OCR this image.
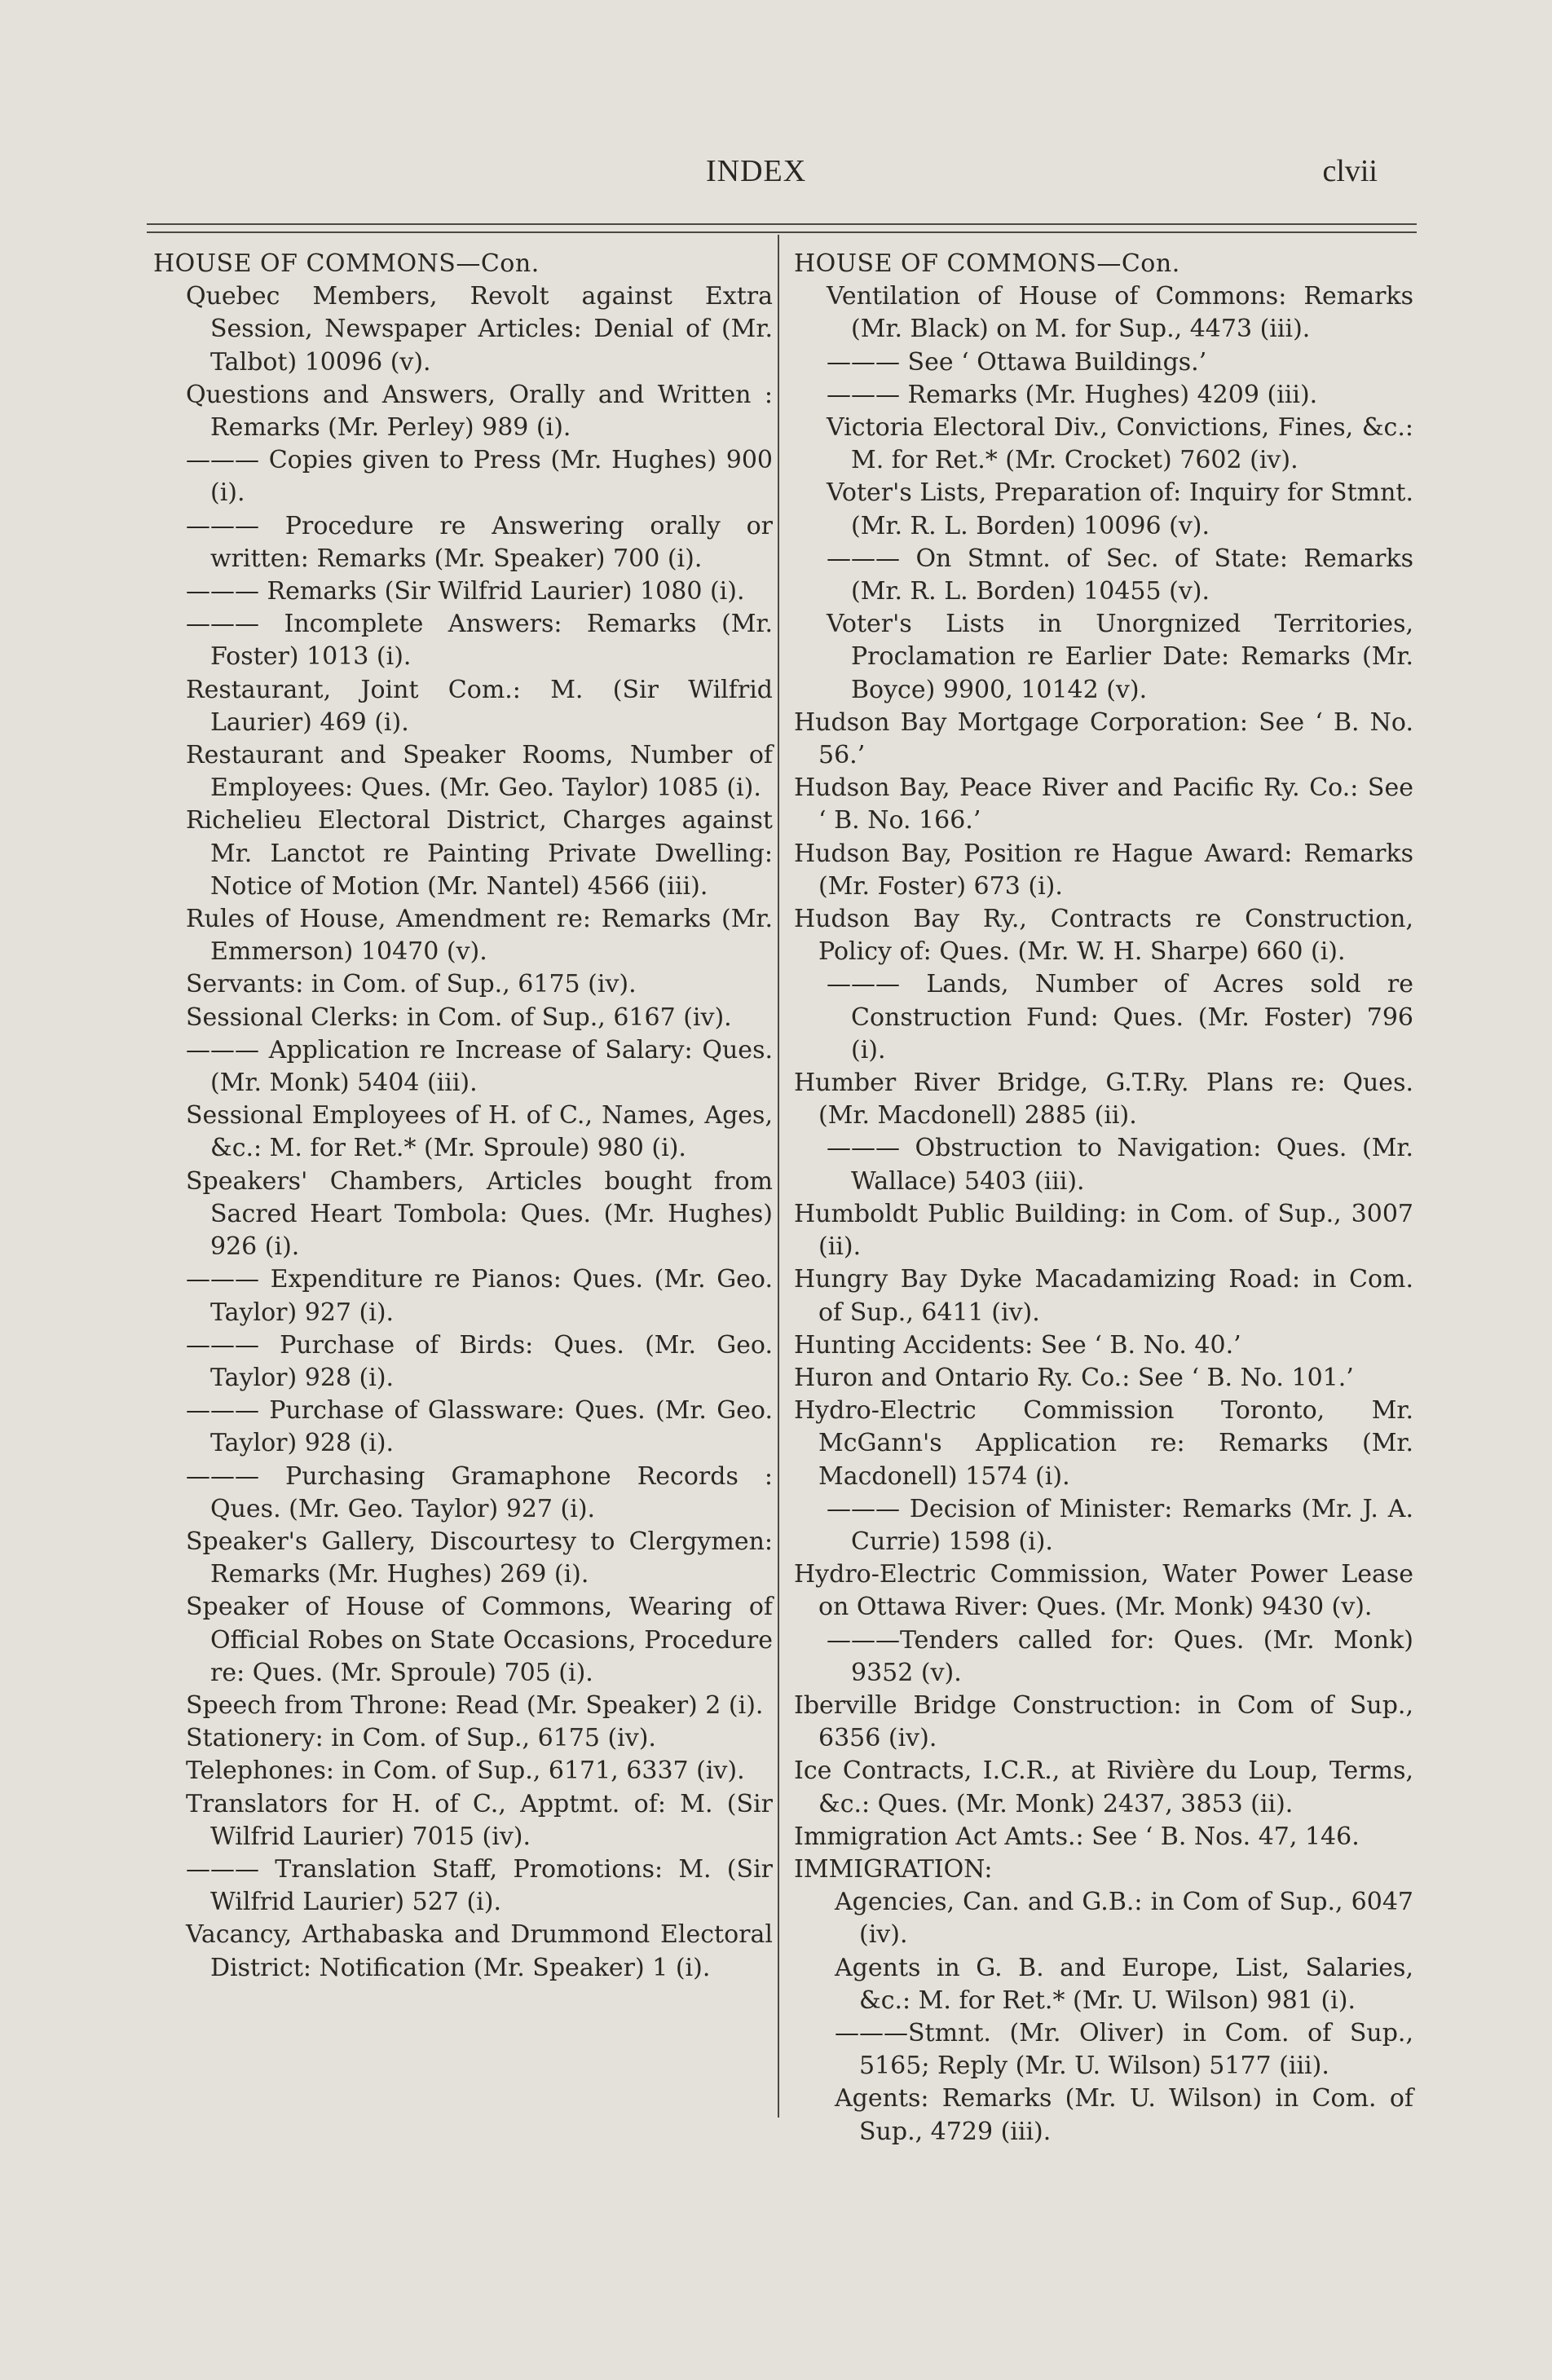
INDEX	clvii
HOUSE OF COMMONS—Con.
Quebec Members, Revolt against Extra Session, Newspaper Articles: Denial of (Mr. Talbot) 10096 (v).
Questions and Answers, Orally and Written : Remarks (Mr. Perley) 989 (i).
——— Copies given to Press (Mr. Hughes) 900 (i).
——— Procedure re Answering orally or written: Remarks (Mr. Speaker) 700 (i).
——— Remarks (Sir Wilfrid Laurier) 1080 (i).
——— Incomplete Answers: Remarks (Mr. Foster) 1013 (i).
Restaurant, Joint Com.: M. (Sir Wilfrid Laurier) 469 (i).
Restaurant and Speaker Rooms, Number of Employees: Ques. (Mr. Geo. Taylor) 1085 (i).
Richelieu Electoral District, Charges against Mr. Lanctot re Painting Private Dwelling: Notice of Motion (Mr. Nantel) 4566 (iii).
Rules of House, Amendment re: Remarks (Mr. Emmerson) 10470 (v).
Servants: in Com. of Sup., 6175 (iv).
Sessional Clerks: in Com. of Sup., 6167 (iv).
——— Application re Increase of Salary: Ques. (Mr. Monk) 5404 (iii).
Sessional Employees of H. of C., Names, Ages, &c.: M. for Ret.* (Mr. Sproule) 980 (i).
Speakers' Chambers, Articles bought from Sacred Heart Tombola: Ques. (Mr. Hughes) 926 (i).
——— Expenditure re Pianos: Ques. (Mr. Geo. Taylor) 927 (i).
——— Purchase of Birds: Ques. (Mr. Geo. Taylor) 928 (i).
——— Purchase of Glassware: Ques. (Mr. Geo. Taylor) 928 (i).
——— Purchasing Gramaphone Records : Ques. (Mr. Geo. Taylor) 927 (i).
Speaker's Gallery, Discourtesy to Clergymen: Remarks (Mr. Hughes) 269 (i).
Speaker of House of Commons, Wearing of Official Robes on State Occasions, Procedure re: Ques. (Mr. Sproule) 705 (i).
Speech from Throne: Read (Mr. Speaker) 2 (i).
Stationery: in Com. of Sup., 6175 (iv).
Telephones: in Com. of Sup., 6171, 6337 (iv).
Translators for H. of C., Apptmt. of: M. (Sir Wilfrid Laurier) 7015 (iv).
——— Translation Staff, Promotions: M. (Sir Wilfrid Laurier) 527 (i).
Vacancy, Arthabaska and Drummond Electoral District: Notification (Mr. Speaker) 1 (i).
HOUSE OF COMMONS—Con.
Ventilation of House of Commons: Remarks (Mr. Black) on M. for Sup., 4473 (iii).
——— See ‘ Ottawa Buildings.’
——— Remarks (Mr. Hughes) 4209 (iii).
Victoria Electoral Div., Convictions, Fines, &c.: M. for Ret.* (Mr. Crocket) 7602 (iv).
Voter's Lists, Preparation of: Inquiry for Stmnt. (Mr. R. L. Borden) 10096 (v).
——— On Stmnt. of Sec. of State: Remarks (Mr. R. L. Borden) 10455 (v).
Voter's Lists in Unorgnized Territories, Proclamation re Earlier Date: Remarks (Mr. Boyce) 9900, 10142 (v).
Hudson Bay Mortgage Corporation: See ‘ B. No. 56.’
Hudson Bay, Peace River and Pacific Ry. Co.: See ‘ B. No. 166.’
Hudson Bay, Position re Hague Award: Remarks (Mr. Foster) 673 (i).
Hudson Bay Ry., Contracts re Construction, Policy of: Ques. (Mr. W. H. Sharpe) 660 (i).
——— Lands, Number of Acres sold re Construction Fund: Ques. (Mr. Foster) 796 (i).
Humber River Bridge, G.T.Ry. Plans re: Ques. (Mr. Macdonell) 2885 (ii).
——— Obstruction to Navigation: Ques. (Mr. Wallace) 5403 (iii).
Humboldt Public Building: in Com. of Sup., 3007 (ii).
Hungry Bay Dyke Macadamizing Road: in Com. of Sup., 6411 (iv).
Hunting Accidents: See ‘ B. No. 40.’
Huron and Ontario Ry. Co.: See ‘ B. No. 101.’
Hydro-Electric Commission Toronto, Mr. McGann's Application re: Remarks (Mr. Macdonell) 1574 (i).
——— Decision of Minister: Remarks (Mr. J. A. Currie) 1598 (i).
Hydro-Electric Commission, Water Power Lease on Ottawa River: Ques. (Mr. Monk) 9430 (v).
———Tenders called for: Ques. (Mr. Monk) 9352 (v).
Iberville Bridge Construction: in Com of Sup., 6356 (iv).
Ice Contracts, I.C.R., at Rivière du Loup, Terms, &c.: Ques. (Mr. Monk) 2437, 3853 (ii).
Immigration Act Amts.: See ‘ B. Nos. 47, 146.
IMMIGRATION:
Agencies, Can. and G.B.: in Com of Sup., 6047 (iv).
Agents in G. B. and Europe, List, Salaries, &c.: M. for Ret.* (Mr. U. Wilson) 981 (i).
———Stmnt. (Mr. Oliver) in Com. of Sup., 5165; Reply (Mr. U. Wilson) 5177 (iii).
Agents: Remarks (Mr. U. Wilson) in Com. of Sup., 4729 (iii).
